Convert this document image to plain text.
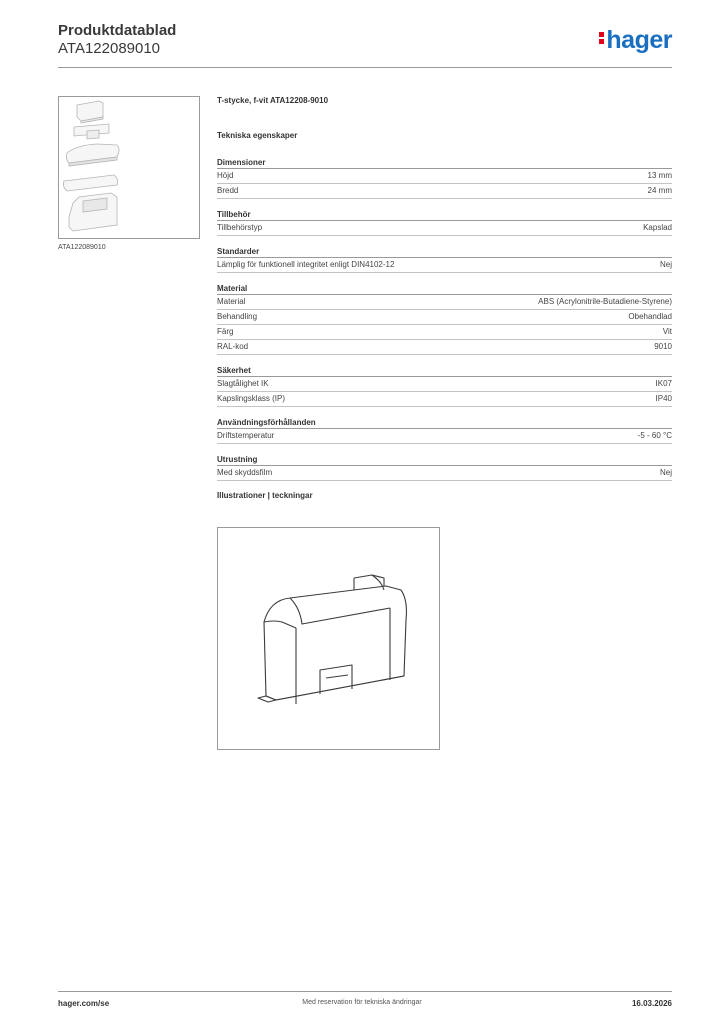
Produktdatablad
ATA122089010	hager
ATA122089010
T-stycke, f-vit ATA12208-9010
Tekniska egenskaper
Dimensioner
Höjd	13 mm
Bredd	24 mm
Tillbehör
Tillbehörstyp	Kapslad
Standarder
Lämplig för funktionell integritet enligt DIN4102-12	Nej
Material
Material	ABS (Acrylonitrile-Butadiene-Styrene)
Behandling	Obehandlad
Färg	Vit
RAL-kod	9010
Säkerhet
Slagtålighet IK	IK07
Kapslingsklass (IP)	IP40
Användningsförhållanden
Driftstemperatur	-5 - 60 °C
Utrustning
Med skyddsfilm	Nej
Illustrationer | teckningar
hager.com/se	Med reservation för tekniska ändringar	16.03.2026
